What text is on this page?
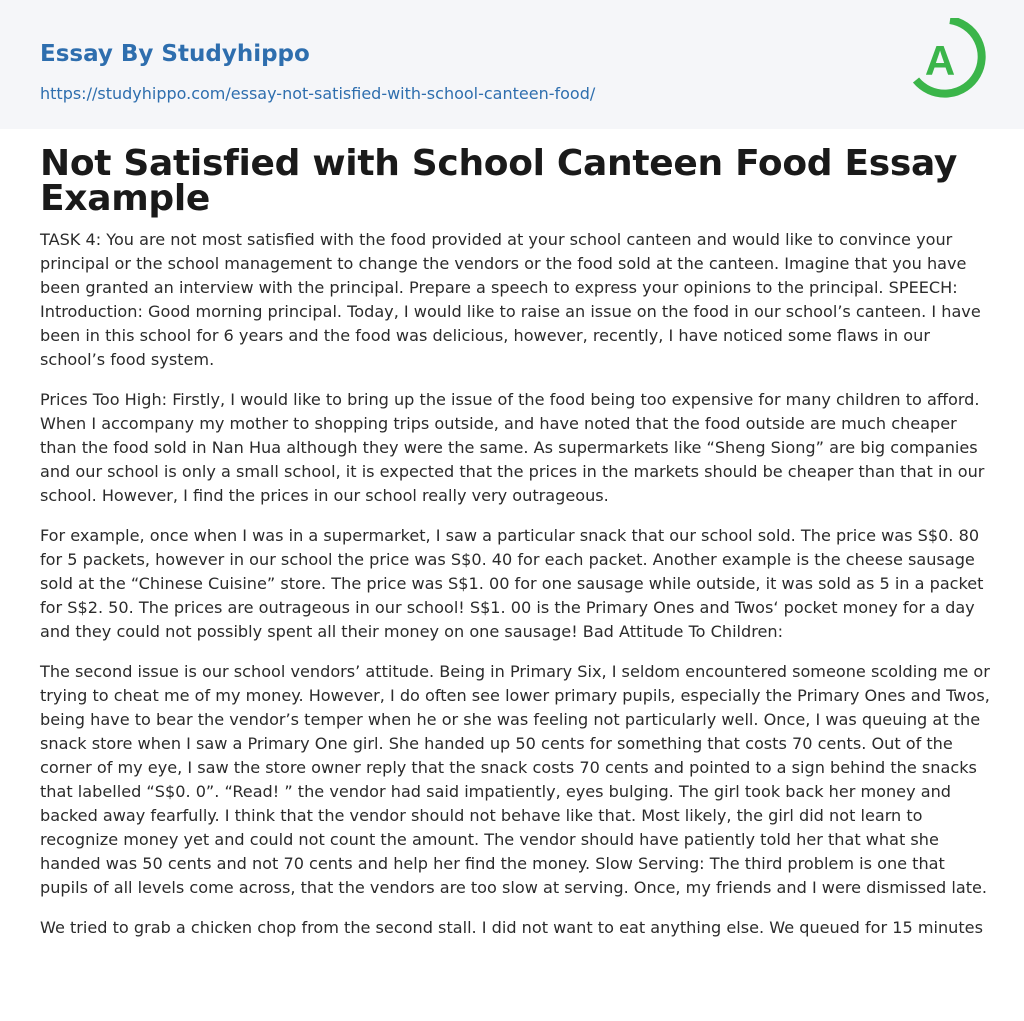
Essay By Studyhippo
https://studyhippo.com/essay-not-satisfied-with-school-canteen-food/
A
Not Satisfied with School Canteen Food Essay Example

TASK 4: You are not most satisfied with the food provided at your school canteen and would like to convince your principal or the school management to change the vendors or the food sold at the canteen. Imagine that you have been granted an interview with the principal. Prepare a speech to express your opinions to the principal. SPEECH: Introduction: Good morning principal. Today, I would like to raise an issue on the food in our school’s canteen. I have been in this school for 6 years and the food was delicious, however, recently, I have noticed some flaws in our school’s food system.

Prices Too High: Firstly, I would like to bring up the issue of the food being too expensive for many children to afford. When I accompany my mother to shopping trips outside, and have noted that the food outside are much cheaper than the food sold in Nan Hua although they were the same. As supermarkets like “Sheng Siong” are big companies and our school is only a small school, it is expected that the prices in the markets should be cheaper than that in our school. However, I find the prices in our school really very outrageous.

For example, once when I was in a supermarket, I saw a particular snack that our school sold. The price was S$0. 80 for 5 packets, however in our school the price was S$0. 40 for each packet. Another example is the cheese sausage sold at the “Chinese Cuisine” store. The price was S$1. 00 for one sausage while outside, it was sold as 5 in a packet for S$2. 50. The prices are outrageous in our school! S$1. 00 is the Primary Ones and Twos‘ pocket money for a day and they could not possibly spent all their money on one sausage! Bad Attitude To Children:

The second issue is our school vendors’ attitude. Being in Primary Six, I seldom encountered someone scolding me or trying to cheat me of my money. However, I do often see lower primary pupils, especially the Primary Ones and Twos, being have to bear the vendor’s temper when he or she was feeling not particularly well. Once, I was queuing at the snack store when I saw a Primary One girl. She handed up 50 cents for something that costs 70 cents. Out of the corner of my eye, I saw the store owner reply that the snack costs 70 cents and pointed to a sign behind the snacks that labelled “S$0. 0”. “Read! ” the vendor had said impatiently, eyes bulging. The girl took back her money and backed away fearfully. I think that the vendor should not behave like that. Most likely, the girl did not learn to recognize money yet and could not count the amount. The vendor should have patiently told her that what she handed was 50 cents and not 70 cents and help her find the money. Slow Serving: The third problem is one that pupils of all levels come across, that the vendors are too slow at serving. Once, my friends and I were dismissed late.

We tried to grab a chicken chop from the second stall. I did not want to eat anything else. We queued for 15 minutes
